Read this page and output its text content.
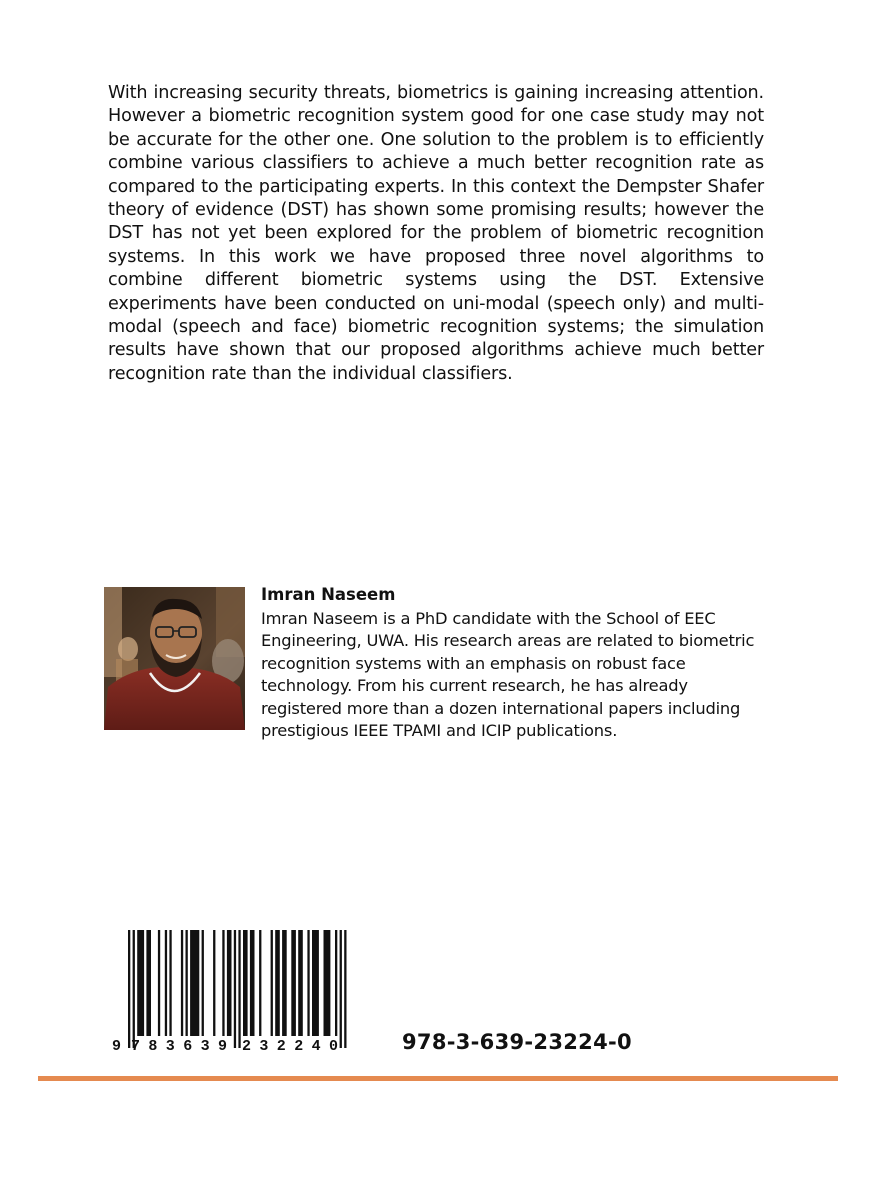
With increasing security threats, biometrics is gaining increasing attention. However a biometric recognition system good for one case study may not be accurate for the other one. One solution to the problem is to efficiently combine various classifiers to achieve a much better recognition rate as compared to the participating experts. In this context the Dempster Shafer theory of evidence (DST) has shown some promising results; however the DST has not yet been explored for the problem of biometric recognition systems. In this work we have proposed three novel algorithms to combine different biometric systems using the DST. Extensive experiments have been conducted on uni-modal (speech only) and multi-modal (speech and face) biometric recognition systems; the simulation results have shown that our proposed algorithms achieve much better recognition rate than the individual classifiers.

Imran Naseem

Imran Naseem is a PhD candidate with the School of EEC Engineering, UWA. His research areas are related to biometric recognition systems with an emphasis on robust face technology. From his current research, he has already registered more than a dozen international papers including prestigious IEEE TPAMI and ICIP publications.

9 783639 232240	978-3-639-23224-0
